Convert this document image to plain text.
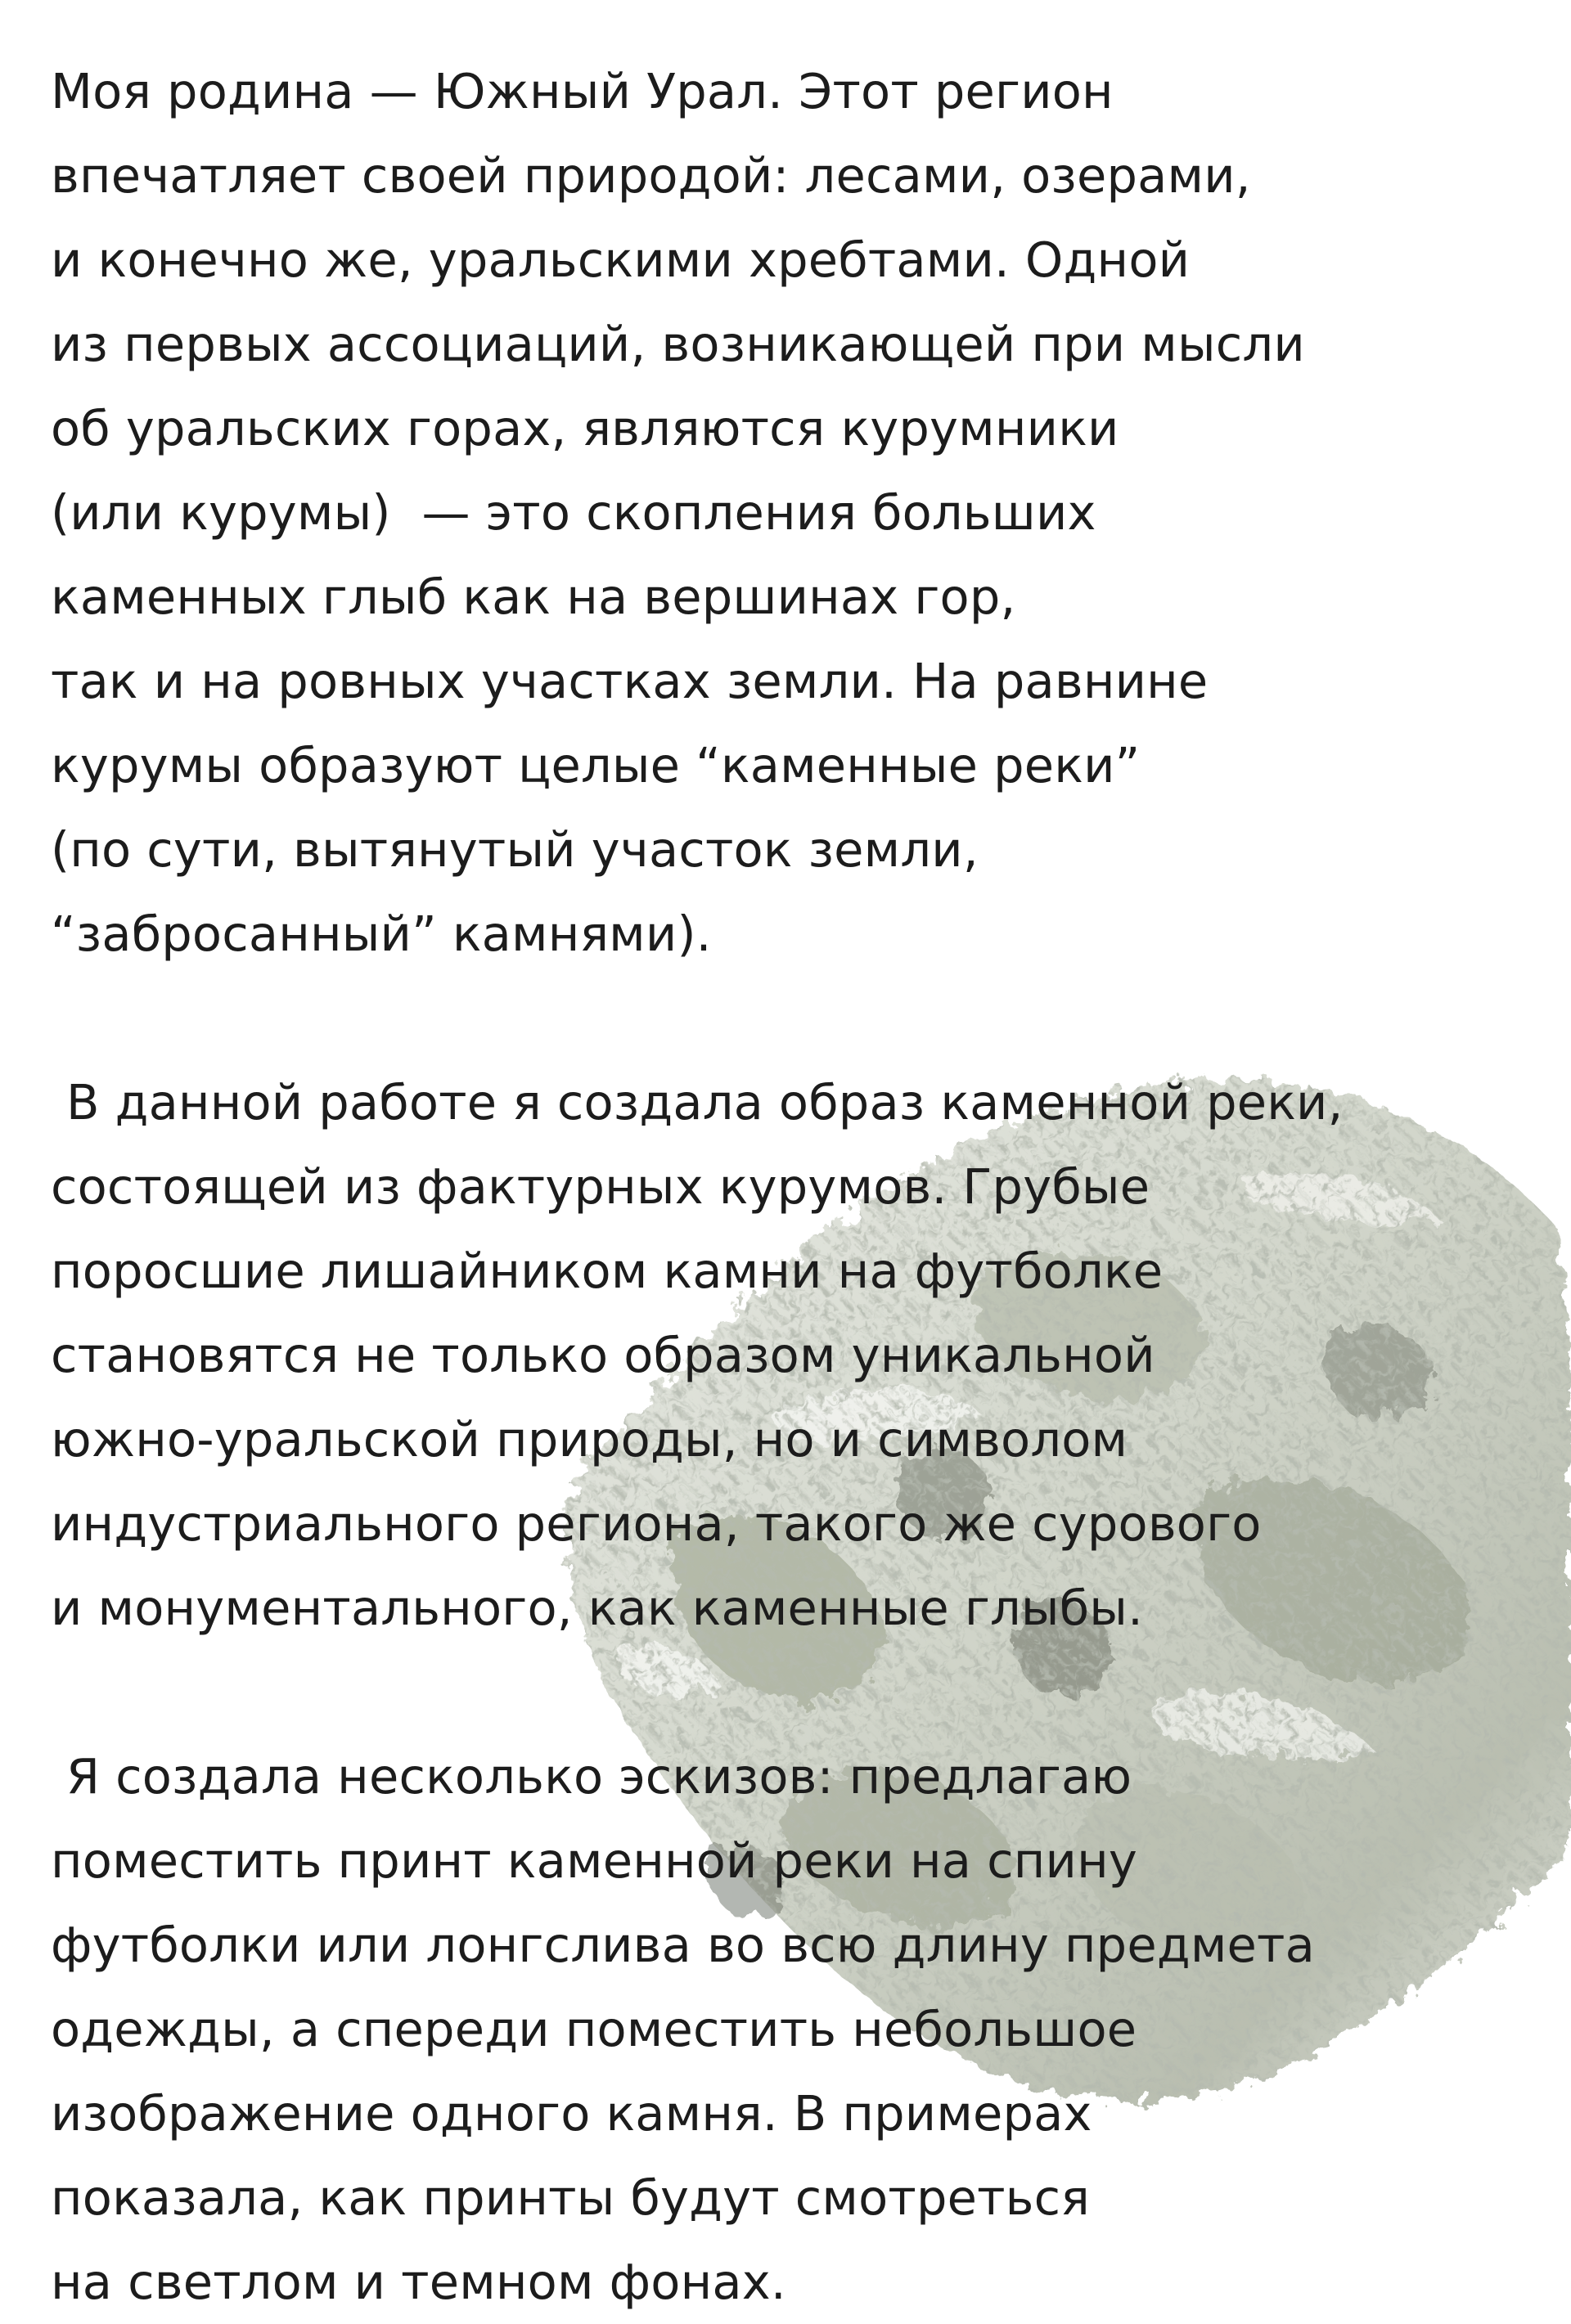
Моя родина — Южный Урал. Этот регион
впечатляет своей природой: лесами, озерами,
и конечно же, уральскими хребтами. Одной
из первых ассоциаций, возникающей при мысли
об уральских горах, являются курумники
(или курумы)  — это скопления больших
каменных глыб как на вершинах гор,
так и на ровных участках земли. На равнине
курумы образуют целые “каменные реки”
(по сути, вытянутый участок земли,
“заброcанный” камнями).
В данной работе я создала образ каменной реки,
состоящей из фактурных курумов. Грубые
поросшие лишайником камни на футболке
становятся не только образом уникальной
южно-уральской природы, но и символом
индустриального региона, такого же сурового
и монументального, как каменные глыбы.
Я создала несколько эскизов: предлагаю
поместить принт каменной реки на спину
футболки или лонгслива во всю длину предмета
одежды, а спереди поместить небольшое
изображение одного камня. В примерах
показала, как принты будут смотреться
на светлом и темном фонах.
